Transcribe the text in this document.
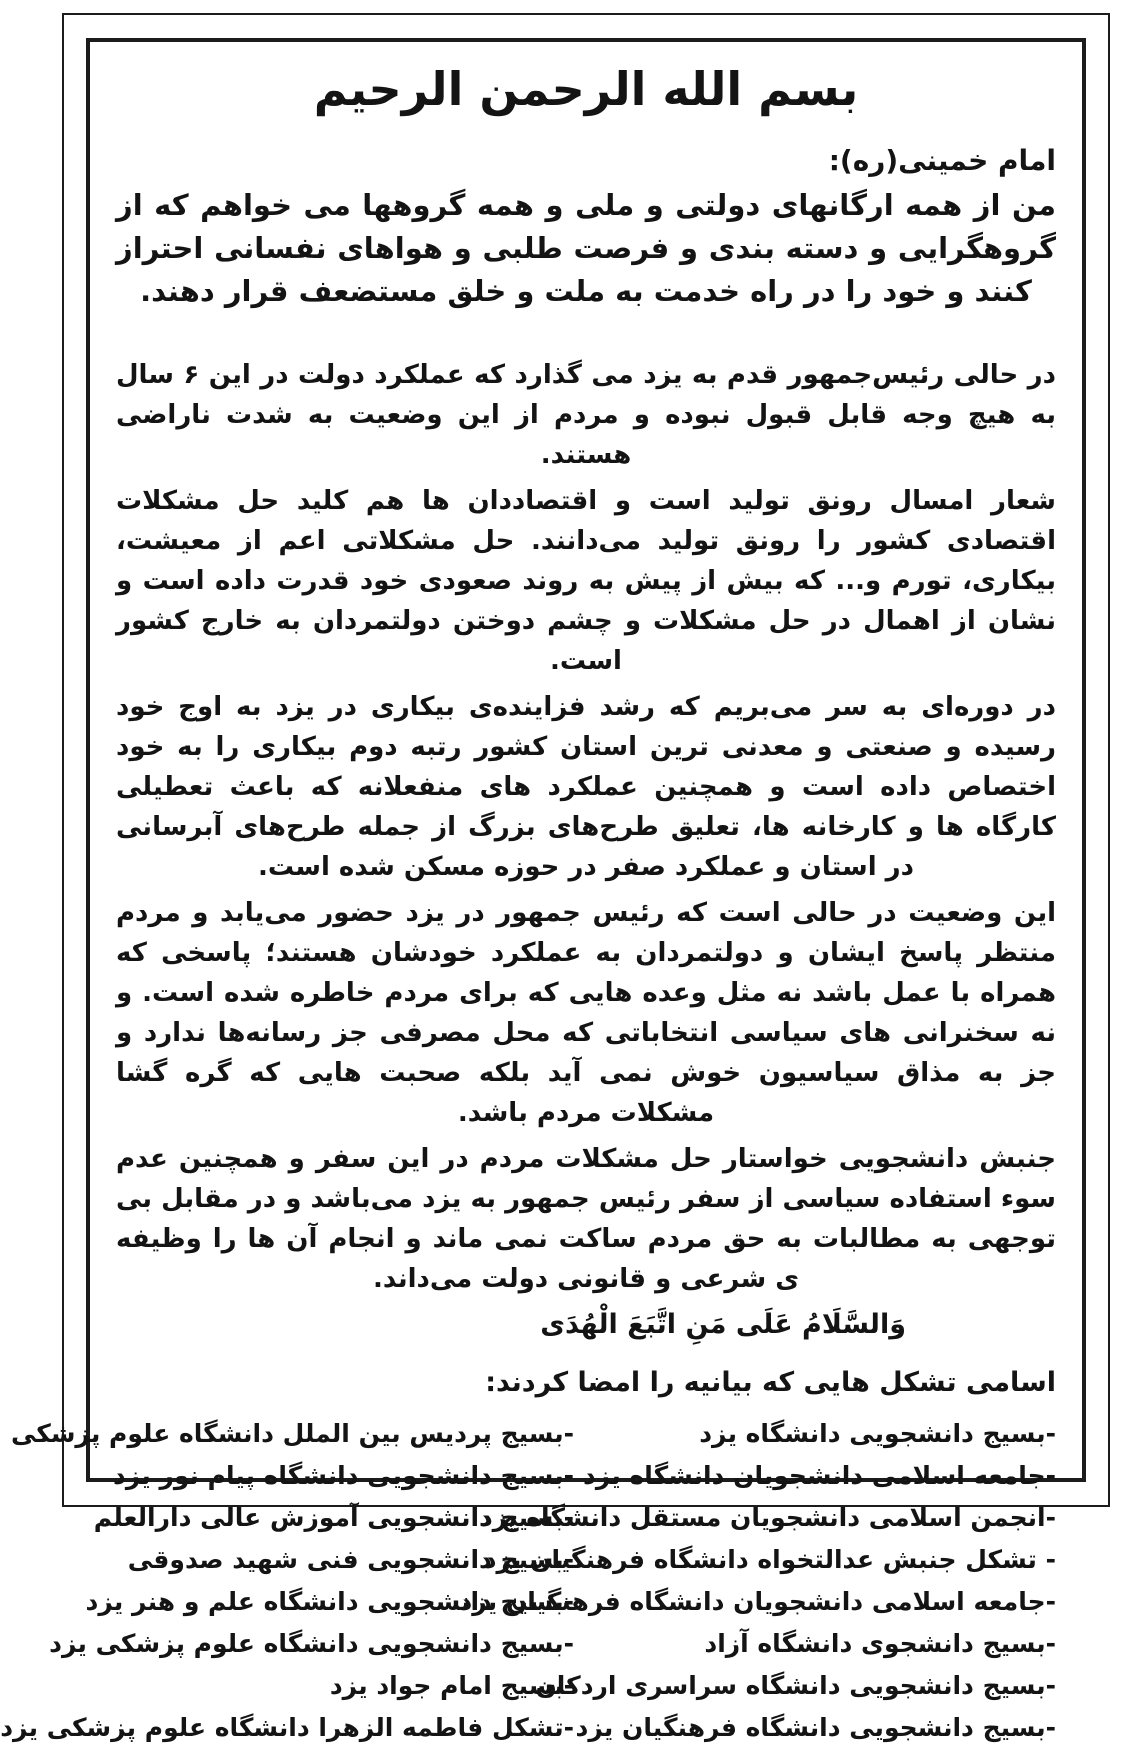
بسم الله الرحمن الرحیم
امام خمینی(ره):
من از همه ارگانهای دولتی و ملی و همه گروهها می خواهم که از گروهگرایی و دسته بندی و فرصت طلبی و هواهای نفسانی احتراز کنند و خود را در راه خدمت به ملت و خلق مستضعف قرار دهند.
در حالی رئیس‌جمهور قدم به یزد می گذارد که عملکرد دولت در این ۶ سال به هیچ وجه قابل قبول نبوده و مردم از این وضعیت به شدت ناراضی هستند.
شعار امسال رونق تولید است و اقتصاددان ها هم کلید حل مشکلات اقتصادی کشور را رونق تولید می‌دانند. حل مشکلاتی اعم از معیشت، بیکاری، تورم و... که بیش از پیش به روند صعودی خود قدرت داده است و نشان از اهمال در حل مشکلات و چشم دوختن دولتمردان به خارج کشور است.
در دوره‌ای به سر می‌بریم که رشد فزاینده‌ی بیکاری در یزد به اوج خود رسیده و صنعتی و معدنی ترین استان کشور رتبه دوم بیکاری را به خود اختصاص داده است و همچنین عملکرد های منفعلانه که باعث تعطیلی کارگاه ها و کارخانه ها، تعلیق طرح‌های بزرگ از جمله طرح‌های آبرسانی در استان و عملکرد صفر در حوزه مسکن شده است.
این وضعیت در حالی است که رئیس جمهور در یزد حضور می‌یابد و مردم منتظر پاسخ ایشان و دولتمردان به عملکرد خودشان هستند؛ پاسخی که همراه با عمل باشد نه مثل وعده هایی که برای مردم خاطره شده است. و نه سخنرانی های سیاسی انتخاباتی که محل مصرفی جز رسانه‌ها ندارد و جز به مذاق سیاسیون خوش نمی آید بلکه صحبت هایی که گره گشا مشکلات مردم باشد.
جنبش دانشجویی خواستار حل مشکلات مردم در این سفر و همچنین عدم سوء استفاده سیاسی از سفر رئیس جمهور به یزد می‌باشد و در مقابل بی توجهی به مطالبات به حق مردم ساکت نمی ماند و انجام آن ها را وظیفه ی شرعی و قانونی دولت می‌داند.
وَالسَّلَامُ عَلَی مَنِ اتَّبَعَ الْهُدَی
اسامی تشکل هایی که بیانیه را امضا کردند:
-بسیج دانشجویی دانشگاه یزد
-جامعه اسلامی دانشجویان دانشگاه یزد
-انجمن اسلامی دانشجویان مستقل دانشگاه یزد
- تشکل جنبش عدالتخواه دانشگاه فرهنگیان یزد
-جامعه اسلامی دانشجویان دانشگاه فرهنگیان یزد
-بسیج دانشجوی دانشگاه آزاد
-بسیج دانشجویی دانشگاه سراسری اردکان
-بسیج دانشجویی دانشگاه فرهنگیان یزد
-بسیج پردیس بین الملل دانشگاه علوم پزشکی
-بسیج دانشجویی دانشگاه پیام نور یزد
-بسیج دانشجویی آموزش عالی دارالعلم
-بسیج دانشجویی فنی شهید صدوقی
-بسیج دانشجویی دانشگاه علم و هنر یزد
-بسیج دانشجویی دانشگاه علوم پزشکی یزد
-بسیج امام جواد یزد
-تشکل فاطمه الزهرا دانشگاه علوم پزشکی یزد
